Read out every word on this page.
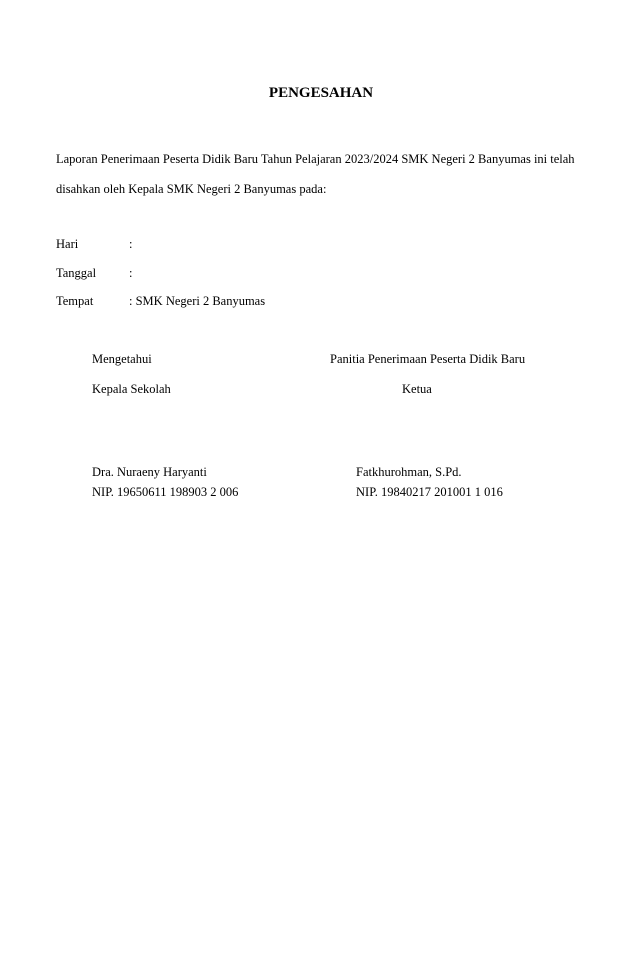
PENGESAHAN
Laporan Penerimaan Peserta Didik Baru Tahun Pelajaran 2023/2024 SMK Negeri 2 Banyumas ini telah
disahkan oleh Kepala SMK Negeri 2 Banyumas pada:
Hari	:
Tanggal	:
Tempat	: SMK Negeri 2 Banyumas
Mengetahui
Kepala Sekolah
Dra. Nuraeny Haryanti
NIP. 19650611 198903 2 006
Panitia Penerimaan Peserta Didik Baru
Ketua
Fatkhurohman, S.Pd.
NIP. 19840217 201001 1 016
